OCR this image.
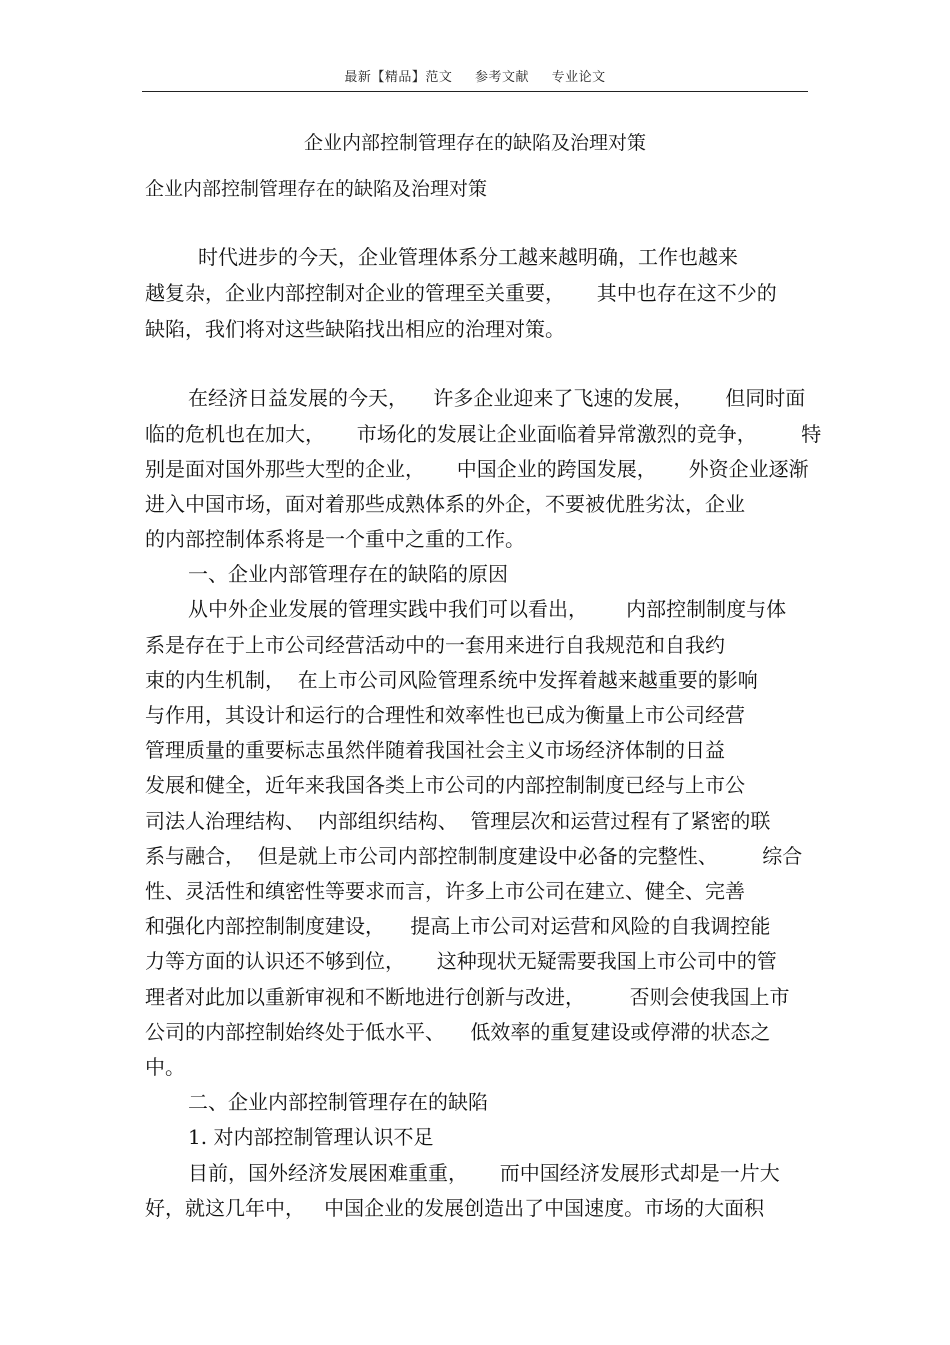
最新【精品】范文 参考文献 专业论文
企业内部控制管理存在的缺陷及治理对策
企业内部控制管理存在的缺陷及治理对策
时代进步的今天，企业管理体系分工越来越明确，工作也越来
越复杂，企业内部控制对企业的管理至关重要，     其中也存在这不少的
缺陷，我们将对这些缺陷找出相应的治理对策。
在经济日益发展的今天，    许多企业迎来了飞速的发展，     但同时面
临的危机也在加大，     市场化的发展让企业面临着异常激烈的竞争，       特
别是面对国外那些大型的企业，     中国企业的跨国发展，     外资企业逐渐
进入中国市场，面对着那些成熟体系的外企，不要被优胜劣汰，企业
的内部控制体系将是一个重中之重的工作。
一、企业内部管理存在的缺陷的原因
从中外企业发展的管理实践中我们可以看出，      内部控制制度与体
系是存在于上市公司经营活动中的一套用来进行自我规范和自我约
束的内生机制，  在上市公司风险管理系统中发挥着越来越重要的影响
与作用，其设计和运行的合理性和效率性也已成为衡量上市公司经营
管理质量的重要标志虽然伴随着我国社会主义市场经济体制的日益
发展和健全，近年来我国各类上市公司的内部控制制度已经与上市公
司法人治理结构、  内部组织结构、  管理层次和运营过程有了紧密的联
系与融合，  但是就上市公司内部控制制度建设中必备的完整性、       综合
性、灵活性和缜密性等要求而言，许多上市公司在建立、健全、完善
和强化内部控制制度建设，    提高上市公司对运营和风险的自我调控能
力等方面的认识还不够到位，     这种现状无疑需要我国上市公司中的管
理者对此加以重新审视和不断地进行创新与改进，       否则会使我国上市
公司的内部控制始终处于低水平、    低效率的重复建设或停滞的状态之
中。
二、企业内部控制管理存在的缺陷
1. 对内部控制管理认识不足
目前，国外经济发展困难重重，     而中国经济发展形式却是一片大
好，就这几年中，   中国企业的发展创造出了中国速度。市场的大面积
